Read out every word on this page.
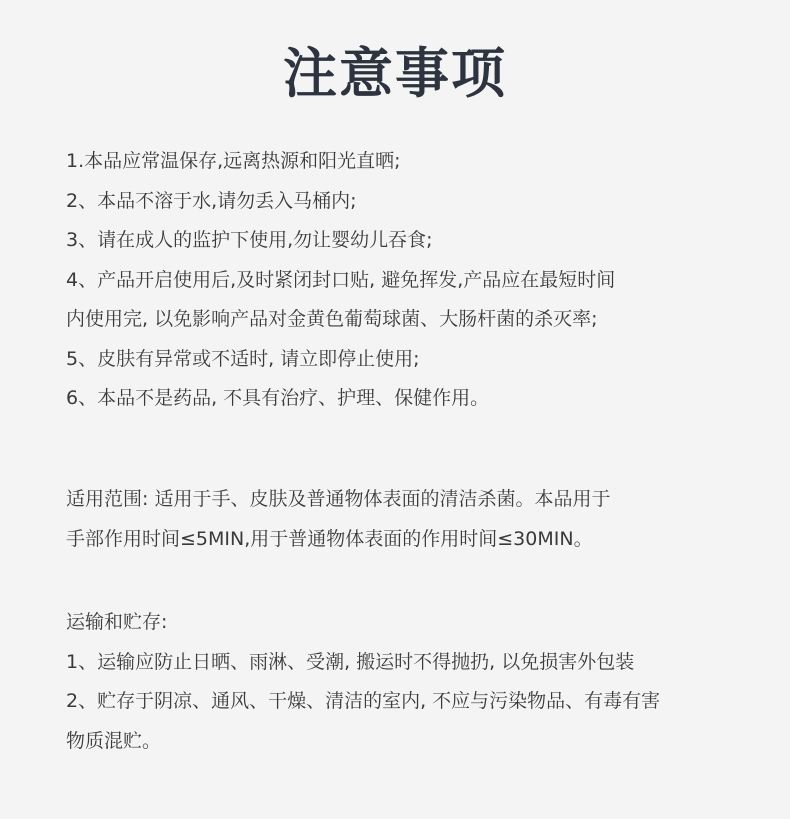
注意事项
1.本品应常温保存,远离热源和阳光直晒;
2、本品不溶于水,请勿丢入马桶内;
3、请在成人的监护下使用,勿让婴幼儿吞食;
4、产品开启使用后,及时紧闭封口贴, 避免挥发,产品应在最短时间
内使用完, 以免影响产品对金黄色葡萄球菌、大肠杆菌的杀灭率;
5、皮肤有异常或不适时, 请立即停止使用;
6、本品不是药品, 不具有治疗、护理、保健作用。
适用范围: 适用于手、皮肤及普通物体表面的清洁杀菌。本品用于
手部作用时间≤5MIN,用于普通物体表面的作用时间≤30MIN。
运输和贮存:
1、运输应防止日晒、雨淋、受潮, 搬运时不得抛扔, 以免损害外包装
2、贮存于阴凉、通风、干燥、清洁的室内, 不应与污染物品、有毒有害
物质混贮。
